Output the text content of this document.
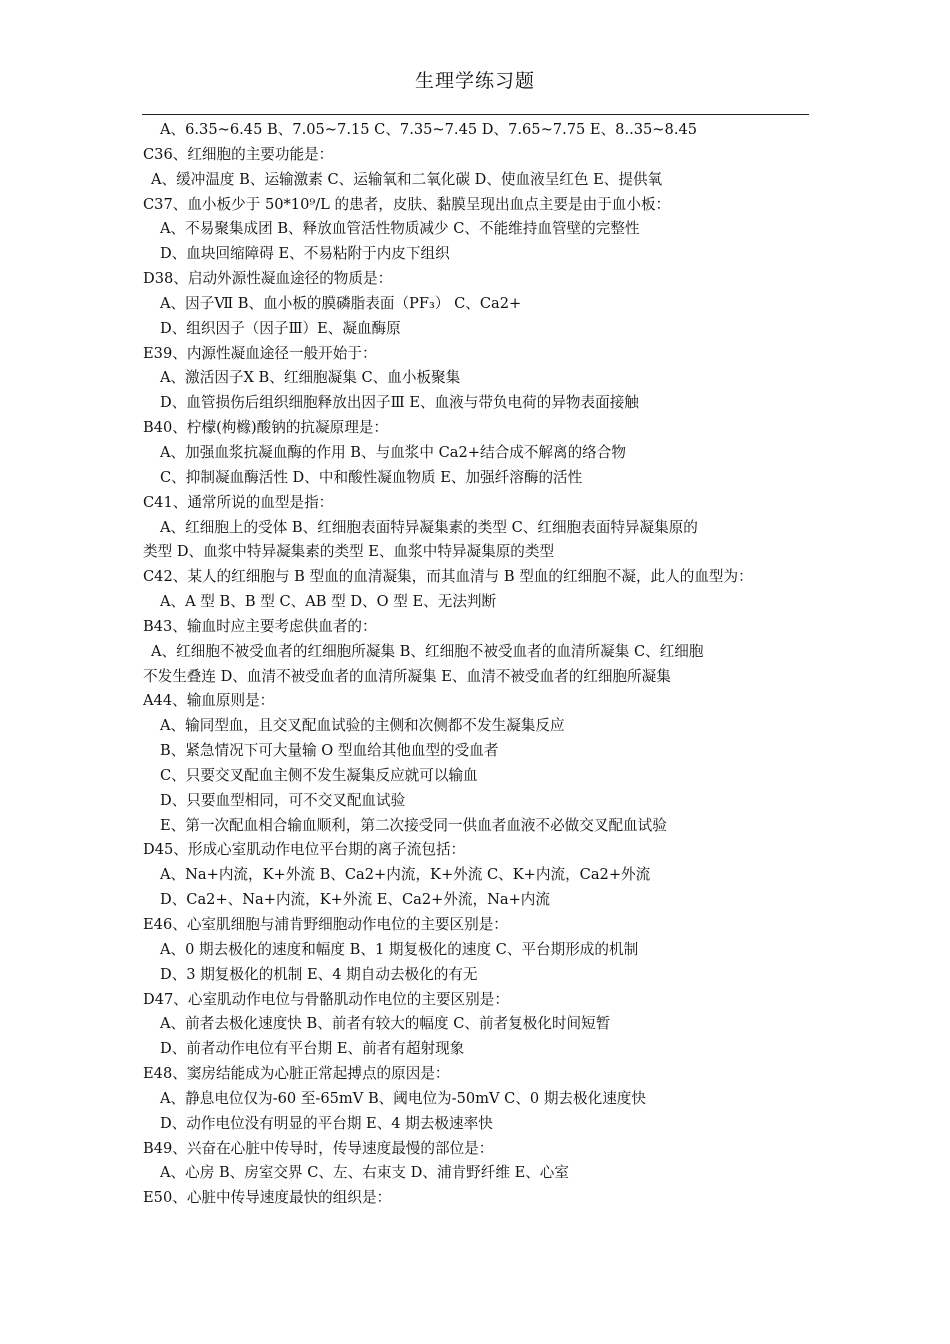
生理学练习题
A、6.35~6.45 B、7.05~7.15 C、7.35~7.45 D、7.65~7.75 E、8..35~8.45
C36、红细胞的主要功能是：
A、缓冲温度 B、运输激素 C、运输氧和二氧化碳 D、使血液呈红色 E、提供氧
C37、血小板少于 50*10⁹/L 的患者，皮肤、黏膜呈现出血点主要是由于血小板：
A、不易聚集成团 B、释放血管活性物质减少 C、不能维持血管壁的完整性
D、血块回缩障碍 E、不易粘附于内皮下组织
D38、启动外源性凝血途径的物质是：
A、因子Ⅶ B、血小板的膜磷脂表面（PF₃） C、Ca2+
D、组织因子（因子Ⅲ）E、凝血酶原
E39、内源性凝血途径一般开始于：
A、激活因子Ⅹ B、红细胞凝集 C、血小板聚集
D、血管损伤后组织细胞释放出因子Ⅲ E、血液与带负电荷的异物表面接触
B40、柠檬(枸橼)酸钠的抗凝原理是：
A、加强血浆抗凝血酶的作用 B、与血浆中 Ca2+结合成不解离的络合物
C、抑制凝血酶活性 D、中和酸性凝血物质 E、加强纤溶酶的活性
C41、通常所说的血型是指：
A、红细胞上的受体 B、红细胞表面特异凝集素的类型 C、红细胞表面特异凝集原的
类型 D、血浆中特异凝集素的类型 E、血浆中特异凝集原的类型
C42、某人的红细胞与 B 型血的血清凝集，而其血清与 B 型血的红细胞不凝，此人的血型为：
A、A 型 B、B 型 C、AB 型 D、O 型 E、无法判断
B43、输血时应主要考虑供血者的：
A、红细胞不被受血者的红细胞所凝集 B、红细胞不被受血者的血清所凝集 C、红细胞
不发生叠连 D、血清不被受血者的血清所凝集 E、血清不被受血者的红细胞所凝集
A44、输血原则是：
A、输同型血，且交叉配血试验的主侧和次侧都不发生凝集反应
B、紧急情况下可大量输 O 型血给其他血型的受血者
C、只要交叉配血主侧不发生凝集反应就可以输血
D、只要血型相同，可不交叉配血试验
E、第一次配血相合输血顺利，第二次接受同一供血者血液不必做交叉配血试验
D45、形成心室肌动作电位平台期的离子流包括：
A、Na+内流，K+外流 B、Ca2+内流，K+外流 C、K+内流，Ca2+外流
D、Ca2+、Na+内流，K+外流 E、Ca2+外流，Na+内流
E46、心室肌细胞与浦肯野细胞动作电位的主要区别是：
A、0 期去极化的速度和幅度 B、1 期复极化的速度 C、平台期形成的机制
D、3 期复极化的机制 E、4 期自动去极化的有无
D47、心室肌动作电位与骨骼肌动作电位的主要区别是：
A、前者去极化速度快 B、前者有较大的幅度 C、前者复极化时间短暂
D、前者动作电位有平台期 E、前者有超射现象
E48、窦房结能成为心脏正常起搏点的原因是：
A、静息电位仅为-60 至-65mV B、阈电位为-50mV C、0 期去极化速度快
D、动作电位没有明显的平台期 E、4 期去极速率快
B49、兴奋在心脏中传导时，传导速度最慢的部位是：
A、心房 B、房室交界 C、左、右束支 D、浦肯野纤维 E、心室
E50、心脏中传导速度最快的组织是：
